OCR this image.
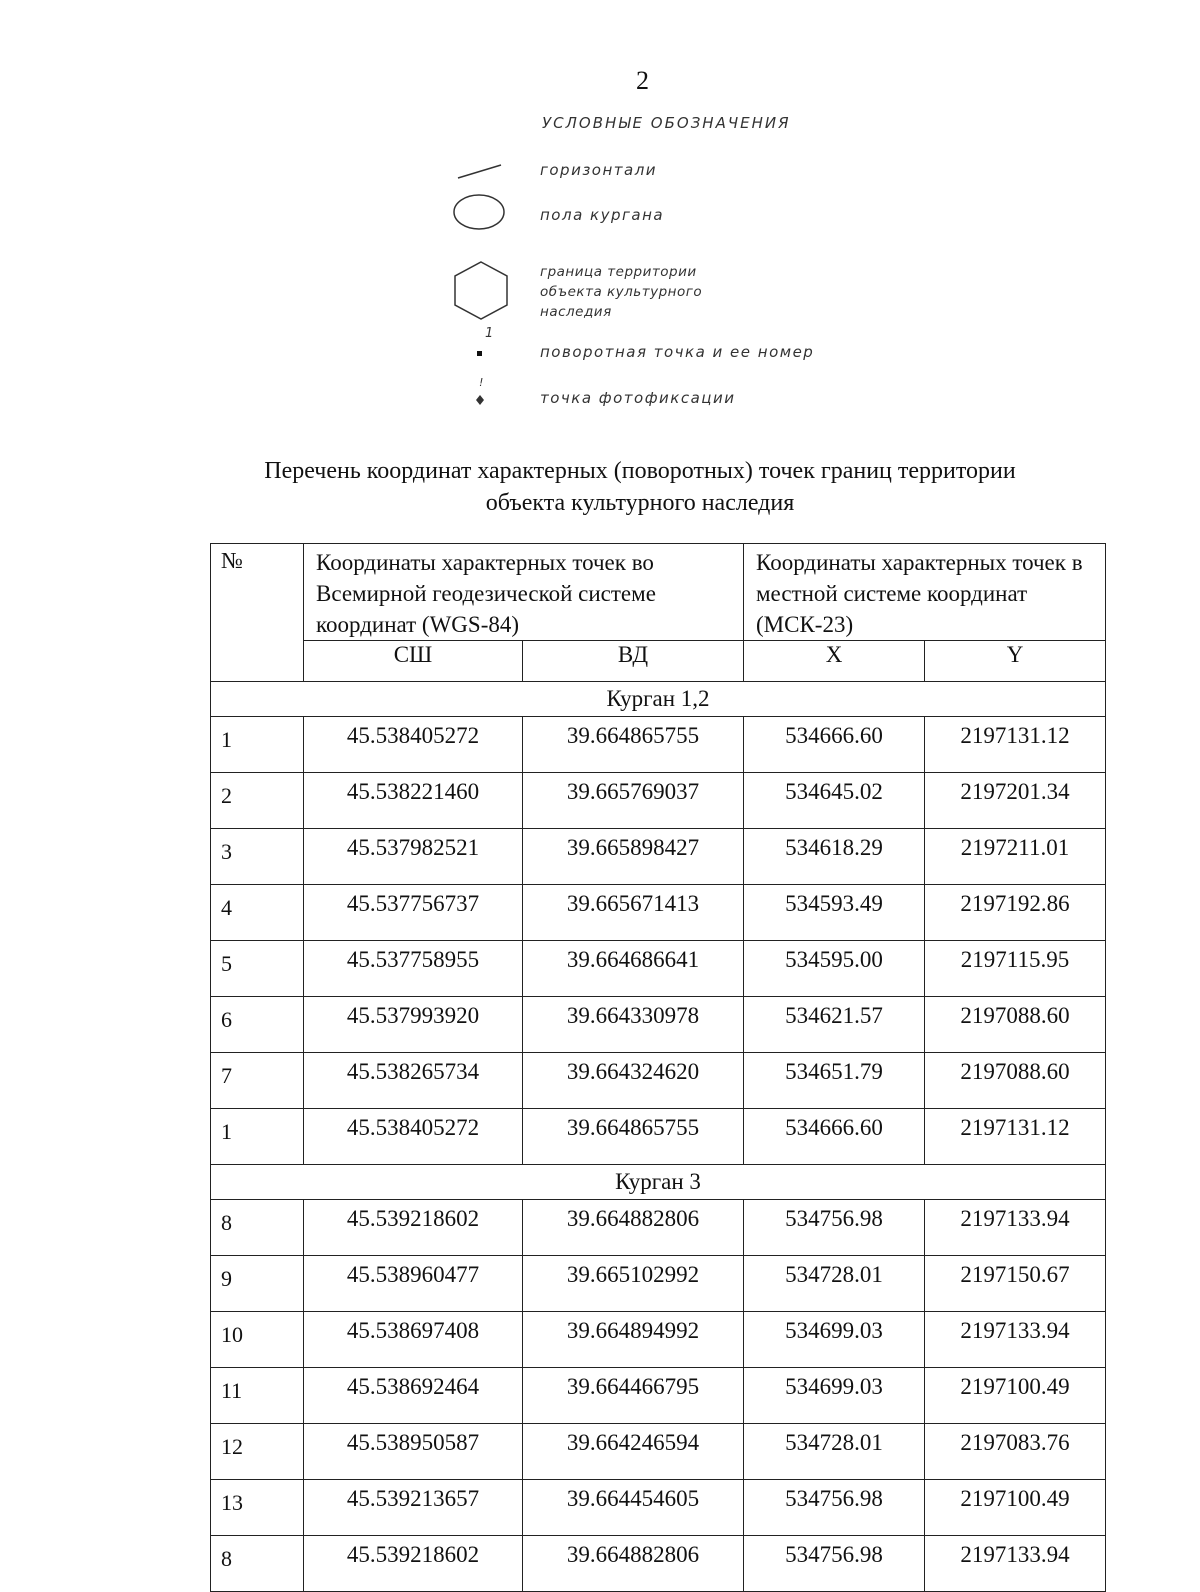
2
УСЛОВНЫЕ ОБОЗНАЧЕНИЯ
горизонтали
пола кургана
граница территории
объекта культурного
наследия
1
поворотная точка и ее номер
!
точка фотофиксации
Перечень координат характерных (поворотных) точек границ территории
объекта культурного наследия
№	Координаты характерных точек во Всемирной геодезической системе координат (WGS-84)		Координаты характерных точек в местной системе координат (МСК-23)	
	СШ	ВД	X	Y
Курган 1,2				
1	45.538405272	39.664865755	534666.60	2197131.12
2	45.538221460	39.665769037	534645.02	2197201.34
3	45.537982521	39.665898427	534618.29	2197211.01
4	45.537756737	39.665671413	534593.49	2197192.86
5	45.537758955	39.664686641	534595.00	2197115.95
6	45.537993920	39.664330978	534621.57	2197088.60
7	45.538265734	39.664324620	534651.79	2197088.60
1	45.538405272	39.664865755	534666.60	2197131.12
Курган 3				
8	45.539218602	39.664882806	534756.98	2197133.94
9	45.538960477	39.665102992	534728.01	2197150.67
10	45.538697408	39.664894992	534699.03	2197133.94
11	45.538692464	39.664466795	534699.03	2197100.49
12	45.538950587	39.664246594	534728.01	2197083.76
13	45.539213657	39.664454605	534756.98	2197100.49
8	45.539218602	39.664882806	534756.98	2197133.94
